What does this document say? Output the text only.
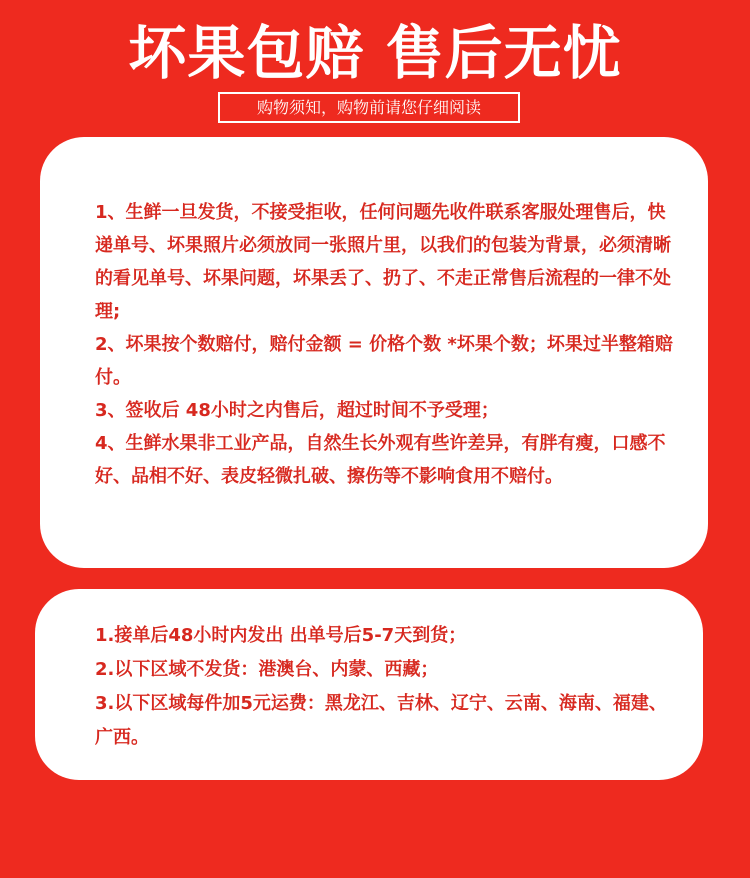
坏果包赔 售后无忧
购物须知，购物前请您仔细阅读
1、生鲜一旦发货，不接受拒收，任何问题先收件联系客服处理售后，快递单号、坏果照片必须放同一张照片里，以我们的包装为背景，必须清晰的看见单号、坏果问题，坏果丢了、扔了、不走正常售后流程的一律不处理;
2、坏果按个数赔付，赔付金额 = 价格个数 *坏果个数；坏果过半整箱赔付。
3、签收后 48小时之内售后，超过时间不予受理；
4、生鲜水果非工业产品，自然生长外观有些许差异，有胖有瘦，口感不好、品相不好、表皮轻微扎破、擦伤等不影响食用不赔付。
1.接单后48小时内发出 出单号后5-7天到货；
2.以下区域不发货：港澳台、内蒙、西藏；
3.以下区域每件加5元运费：黑龙江、吉林、辽宁、云南、海南、福建、广西。
